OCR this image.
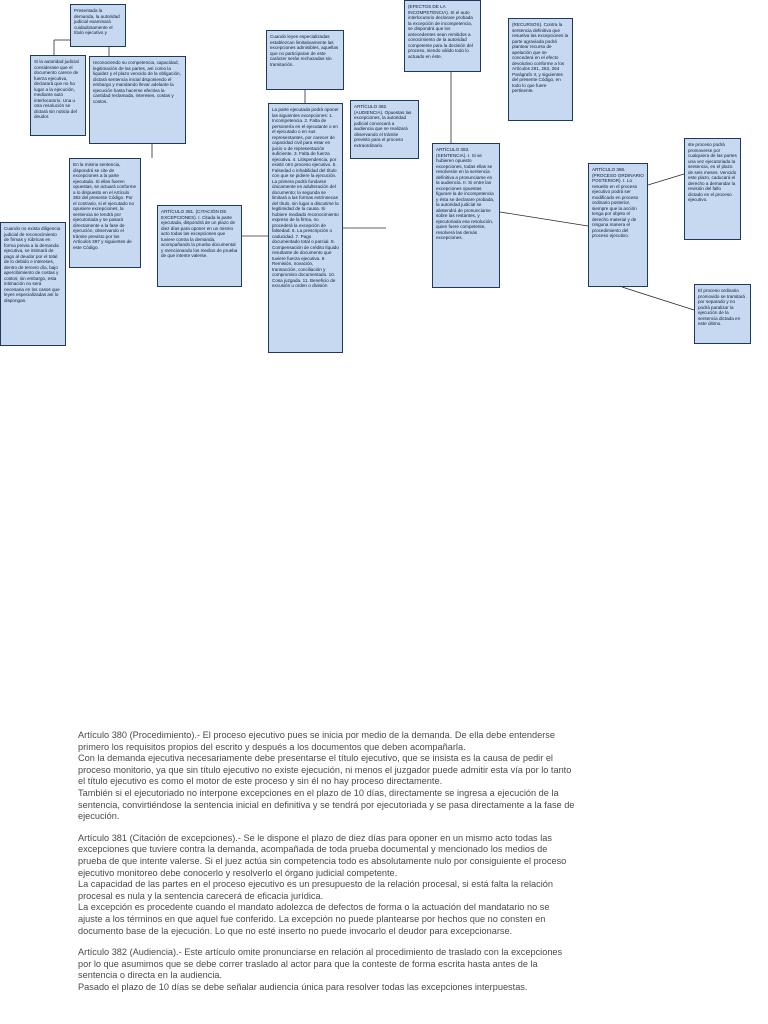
Presentada la demanda, la autoridad judicial examinará cuidadosamente el título ejecutivo y
Si la autoridad judicial considerase que el documento carece de fuerza ejecutiva, declarará que no ha lugar a la ejecución, mediante auto interlocutorio. Una u otra resolución se dictará sin noticia del deudor.
reconociendo su competencia, capacidad, legitimación de las partes, así como la liquidez y el plazo vencido de la obligación, dictará sentencia inicial disponiendo el embargo y mandando llevar adelante la ejecución hasta hacerse efectiva la cantidad reclamada, intereses, costas y costos.
En la misma sentencia, dispondrá se cite de excepciones a la parte ejecutada. Si ellas fueren opuestas, se actuará conforme a lo dispuesto en el Artículo 382 del presente Código. Por el contrario, si el ejecutado no opusiere excepciones, la sentencia se tendrá por ejecutoriada y se pasará directamente a la fase de ejecución, observando el trámite previsto por los Artículos 397 y siguientes de este Código.
Cuando no exista diligencia judicial de reconocimiento de firmas y rúbricas en forma previa a la demanda ejecutiva, se intimará de pago al deudor por el total de lo debido e intereses, dentro de tercero día, bajo apercibimiento de costas y costos; sin embargo, esta intimación no será necesaria en los casos que leyes especializadas así lo dispongan.
ARTÍCULO 381. (CITACIÓN DE EXCEPCIONES). I. Citada la parte ejecutada, dispondrá de un plazo de diez días para oponer en un mismo acto todas las excepciones que tuviere contra la demanda, acompañando la prueba documental y mencionando los medios de prueba de que intente valerse.
Cuando leyes especializadas establezcan limitativamente las excepciones admisibles, aquellas que no participaran de este carácter serán rechazadas sin tramitación.
La parte ejecutada podrá oponer las siguientes excepciones: 1. Incompetencia. 2. Falta de personería en el ejecutante o en el ejecutado o en sus representantes, por carecer de capacidad civil para estar en juicio o de representación suficiente. 3. Falta de fuerza ejecutiva. 4. Litispendencia, por existir otro proceso ejecutivo. 5. Falsedad o inhabilidad del título con que se pidiere la ejecución. La primera podrá fundarse únicamente en adulteración del documento; la segunda se limitará a las formas extrínsecas del título, sin lugar a discutirse la legitimidad de la causa. Si hubiere mediado reconocimiento expreso de la firma, no procederá la excepción de falsedad. 6. La prescripción o caducidad. 7. Pago documentado total o parcial. 8. Compensación de crédito líquido resultante de documento que tuviere fuerza ejecutiva. 9. Remisión, novación, transacción, conciliación y compromiso documentado. 10. Cosa juzgada. 11. Beneficio de excusión u orden o división
(EFECTOS DE LA INCOMPETENCIA). Si el auto interlocutorio declarare probada la excepción de incompetencia, se dispondrá que los antecedentes sean remitidos a conocimiento de la autoridad competente para la decisión del proceso, siendo válido todo lo actuado en éste.
ARTÍCULO 382. (AUDIENCIA). Opuestas las excepciones, la autoridad judicial convocará a audiencia que se realizará observando el trámite previsto para el proceso extraordinario.
(RECURSOS). Contra la sentencia definitiva que resuelva las excepciones la parte agraviada podrá plantear recurso de apelación que se concederá en el efecto devolutivo conforme a los Artículos 261, 263, 264 Parágrafo II, y siguientes del presente Código, en todo lo que fuere pertinente.
ARTÍCULO 383. (SENTENCIA). I. Si se hubieren opuesto excepciones, todas ellas se resolverán en la sentencia definitiva a pronunciarse en la audiencia. II. Si entre las excepciones opuestas figurare la de incompetencia y ésta se declarare probada, la autoridad judicial se abstendrá de pronunciarse sobre las restantes, y ejecutoriada esa resolución, quien fuere competente, resolverá las demás excepciones.
ARTÍCULO 386. (PROCESO ORDINARIO POSTERIOR). I. Lo resuelto en el proceso ejecutivo podrá ser modificado en proceso ordinario posterior, siempre que la acción tenga por objeto el derecho material y de ninguna manera el procedimiento del proceso ejecutivo.
ste proceso podrá promoverse por cualquiera de las partes una vez ejecutoriada la sentencia, en el plazo de seis meses. Vencido este plazo, caducará el derecho a demandar la revisión del fallo dictado en el proceso ejecutivo.
El proceso ordinario promovido se tramitará por separado y no podrá paralizar la ejecución de la sentencia dictada en este último.

Artículo 380 (Procedimiento).- El proceso ejecutivo pues se inicia por medio de la demanda. De ella debe entenderse
primero los requisitos propios del escrito y después a los documentos que deben acompañarla.
Con la demanda ejecutiva necesariamente debe presentarse el título ejecutivo, que se insista es la causa de pedir el
proceso monitorio, ya que sin título ejecutivo no existe ejecución, ni menos el juzgador puede admitir esta vía por lo tanto
el título ejecutivo es como el motor de este proceso y sin él no hay proceso directamente.
También si el ejecutoriado no interpone excepciones en el plazo de 10 días, directamente se ingresa a ejecución de la
sentencia, convirtiéndose la sentencia inicial en definitiva y se tendrá por ejecutoriada y se pasa directamente a la fase de
ejecución.

Artículo 381 (Citación de excepciones).- Se le dispone el plazo de diez días para oponer en un mismo acto todas las
excepciones que tuviere contra la demanda, acompañada de toda prueba documental y mencionado los medios de
prueba de que intente valerse. Si el juez actúa sin competencia todo es absolutamente nulo por consiguiente el proceso
ejecutivo monitoreo debe conocerlo y resolverlo el órgano judicial competente.
La capacidad de las partes en el proceso ejecutivo es un presupuesto de la relación procesal, si está falta la relación
procesal es nula y la sentencia carecerá de eficacia jurídica.
La excepción es procedente cuando el mandato adolezca de defectos de forma o la actuación del mandatario no se
ajuste a los términos en que aquel fue conferido. La excepción no puede plantearse por hechos que no consten en
documento base de la ejecución. Lo que no esté inserto no puede invocarlo el deudor para excepcionarse.

Artículo 382 (Audiencia).- Este artículo omite pronunciarse en relación al procedimiento de traslado con la excepciones
por lo que asumimos que se debe correr traslado al actor para que la conteste de forma escrita hasta antes de la
sentencia o directa en la audiencia.
Pasado el plazo de 10 días se debe señalar audiencia única para resolver todas las excepciones interpuestas.
